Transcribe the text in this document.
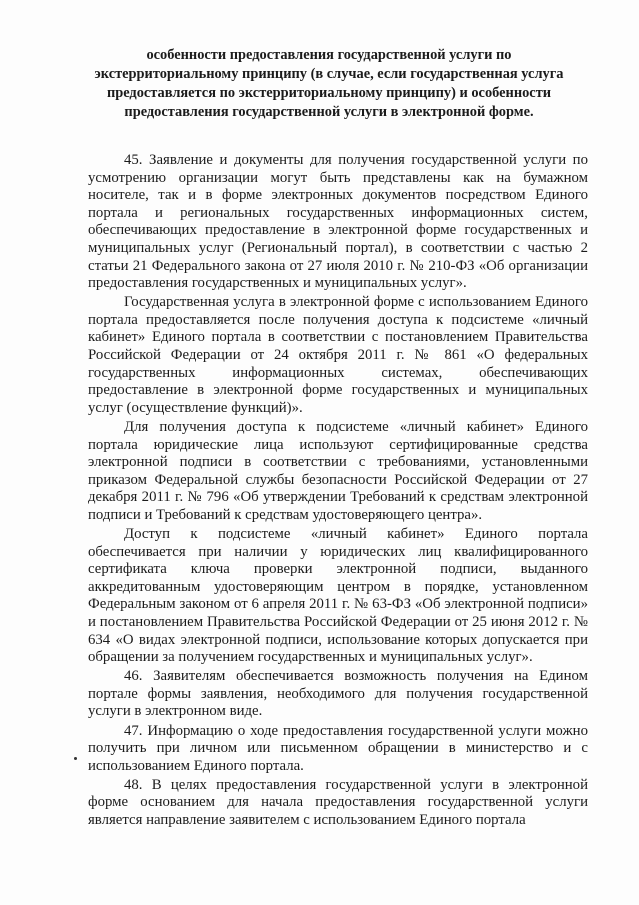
особенности предоставления государственной услуги по
экстерриториальному принципу (в случае, если государственная услуга
предоставляется по экстерриториальному принципу) и особенности
предоставления государственной услуги в электронной форме.

45. Заявление и документы для получения государственной услуги по усмотрению организации могут быть представлены как на бумажном носителе, так и в форме электронных документов посредством Единого портала и региональных государственных информационных систем, обеспечивающих предоставление в электронной форме государственных и муниципальных услуг (Региональный портал), в соответствии с частью 2 статьи 21 Федерального закона от 27 июля 2010 г. № 210-ФЗ «Об организации предоставления государственных и муниципальных услуг».

Государственная услуга в электронной форме с использованием Единого портала предоставляется после получения доступа к подсистеме «личный кабинет» Единого портала в соответствии с постановлением Правительства Российской Федерации от 24 октября 2011 г. № 861 «О федеральных государственных информационных системах, обеспечивающих предоставление в электронной форме государственных и муниципальных услуг (осуществление функций)».

Для получения доступа к подсистеме «личный кабинет» Единого портала юридические лица используют сертифицированные средства электронной подписи в соответствии с требованиями, установленными приказом Федеральной службы безопасности Российской Федерации от 27 декабря 2011 г. № 796 «Об утверждении Требований к средствам электронной подписи и Требований к средствам удостоверяющего центра».

Доступ к подсистеме «личный кабинет» Единого портала обеспечивается при наличии у юридических лиц квалифицированного сертификата ключа проверки электронной подписи, выданного аккредитованным удостоверяющим центром в порядке, установленном Федеральным законом от 6 апреля 2011 г. № 63-ФЗ «Об электронной подписи» и постановлением Правительства Российской Федерации от 25 июня 2012 г. № 634 «О видах электронной подписи, использование которых допускается при обращении за получением государственных и муниципальных услуг».

46. Заявителям обеспечивается возможность получения на Едином портале формы заявления, необходимого для получения государственной услуги в электронном виде.

47. Информацию о ходе предоставления государственной услуги можно получить при личном или письменном обращении в министерство и с использованием Единого портала.

48. В целях предоставления государственной услуги в электронной форме основанием для начала предоставления государственной услуги является направление заявителем с использованием Единого портала
